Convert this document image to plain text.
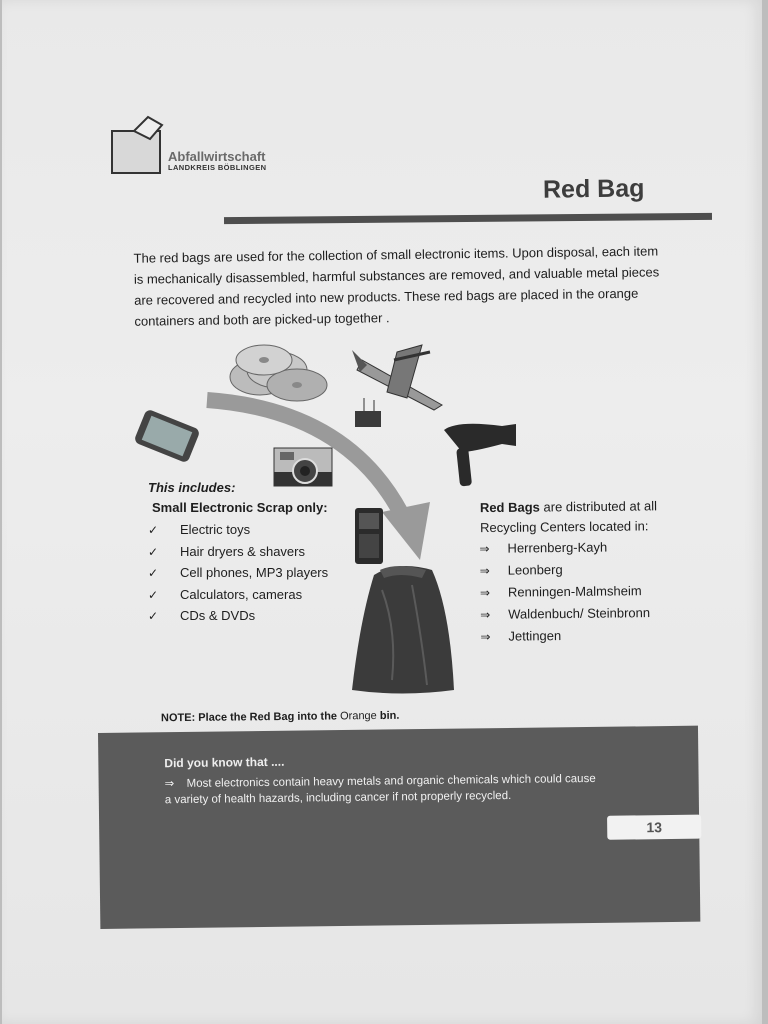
Abfallwirtschaft
LANDKREIS BÖBLINGEN
Red Bag

The red bags are used for the collection of small electronic items. Upon disposal, each item is mechanically disassembled, harmful substances are removed, and valuable metal pieces are recovered and recycled into new products. These red bags are placed in the orange containers and both are picked-up together .

This includes:
Small Electronic Scrap only:
✓ Electric toys
✓ Hair dryers & shavers
✓ Cell phones, MP3 players
✓ Calculators, cameras
✓ CDs & DVDs
Red Bags are distributed at all Recycling Centers located in:
⇒ Herrenberg-Kayh
⇒ Leonberg
⇒ Renningen-Malmsheim
⇒ Waldenbuch/ Steinbronn
⇒ Jettingen
NOTE: Place the Red Bag into the Orange bin.
Did you know that ....

⇒ Most electronics contain heavy metals and organic chemicals which could cause a variety of health hazards, including cancer if not properly recycled.

13
